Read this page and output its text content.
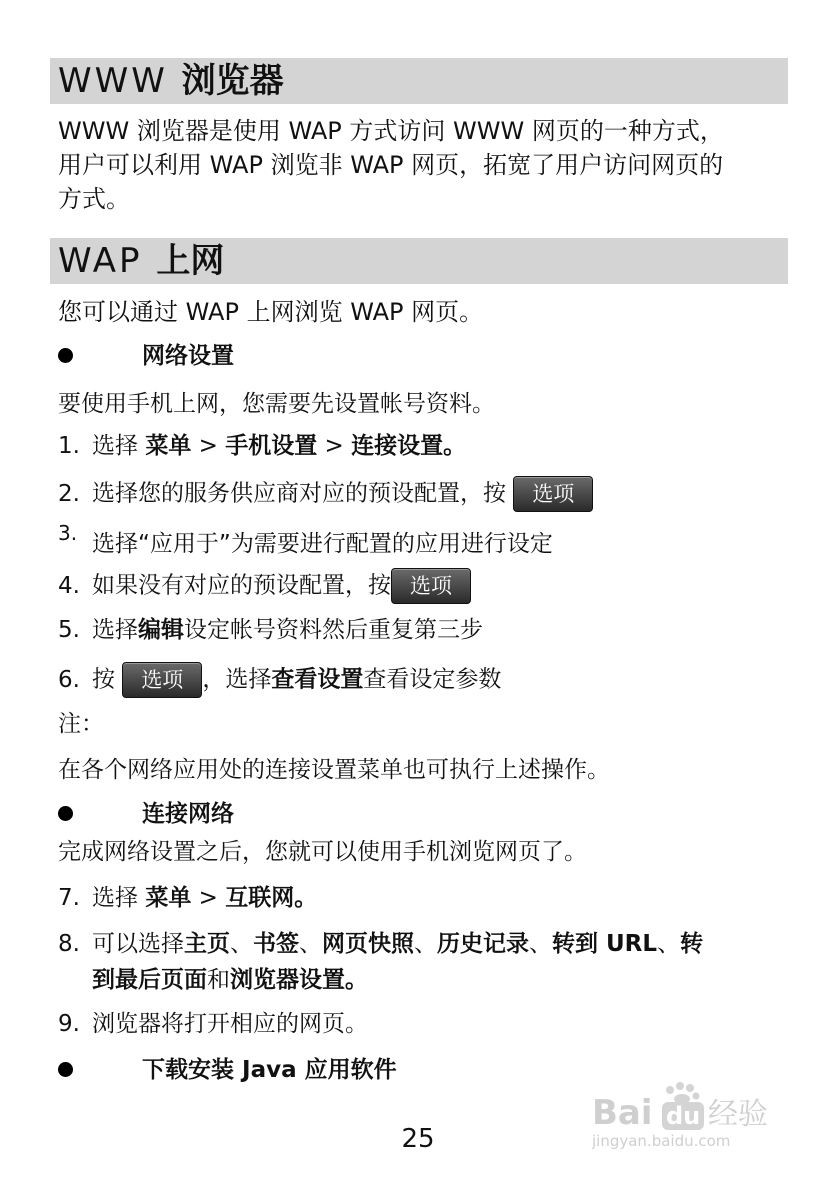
WWW 浏览器
WWW 浏览器是使用 WAP 方式访问 WWW 网页的一种方式，
用户可以利用 WAP 浏览非 WAP 网页，拓宽了用户访问网页的
方式。
WAP 上网
您可以通过 WAP 上网浏览 WAP 网页。
网络设置
要使用手机上网，您需要先设置帐号资料。
1. 选择 菜单 > 手机设置 > 连接设置。
2. 选择您的服务供应商对应的预设配置，按 选项
3. 选择“应用于”为需要进行配置的应用进行设定
4. 如果没有对应的预设配置，按 选项
5. 选择编辑设定帐号资料然后重复第三步
6. 按 选项 ，选择查看设置查看设定参数
注：
在各个网络应用处的连接设置菜单也可执行上述操作。
连接网络
完成网络设置之后，您就可以使用手机浏览网页了。
7. 选择 菜单 > 互联网。
8. 可以选择主页、书签、网页快照、历史记录、转到 URL、转
到最后页面和浏览器设置。
9. 浏览器将打开相应的网页。
下载安装 Java 应用软件
Bai du 经验
jingyan.baidu.com
25
